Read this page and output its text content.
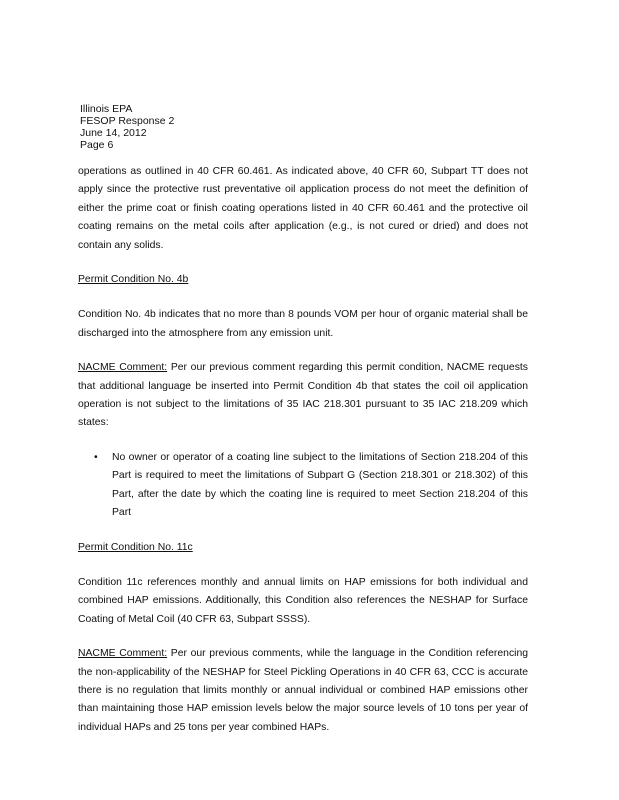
Illinois EPA
FESOP Response 2
June 14, 2012
Page 6

operations as outlined in 40 CFR 60.461. As indicated above, 40 CFR 60, Subpart TT does not apply since the protective rust preventative oil application process do not meet the definition of either the prime coat or finish coating operations listed in 40 CFR 60.461 and the protective oil coating remains on the metal coils after application (e.g., is not cured or dried) and does not contain any solids.

Permit Condition No. 4b

Condition No. 4b indicates that no more than 8 pounds VOM per hour of organic material shall be discharged into the atmosphere from any emission unit.

NACME Comment: Per our previous comment regarding this permit condition, NACME requests that additional language be inserted into Permit Condition 4b that states the coil oil application operation is not subject to the limitations of 35 IAC 218.301 pursuant to 35 IAC 218.209 which states:

• No owner or operator of a coating line subject to the limitations of Section 218.204 of this Part is required to meet the limitations of Subpart G (Section 218.301 or 218.302) of this Part, after the date by which the coating line is required to meet Section 218.204 of this Part
Permit Condition No. 11c

Condition 11c references monthly and annual limits on HAP emissions for both individual and combined HAP emissions. Additionally, this Condition also references the NESHAP for Surface Coating of Metal Coil (40 CFR 63, Subpart SSSS).

NACME Comment: Per our previous comments, while the language in the Condition referencing the non-applicability of the NESHAP for Steel Pickling Operations in 40 CFR 63, CCC is accurate there is no regulation that limits monthly or annual individual or combined HAP emissions other than maintaining those HAP emission levels below the major source levels of 10 tons per year of individual HAPs and 25 tons per year combined HAPs.
